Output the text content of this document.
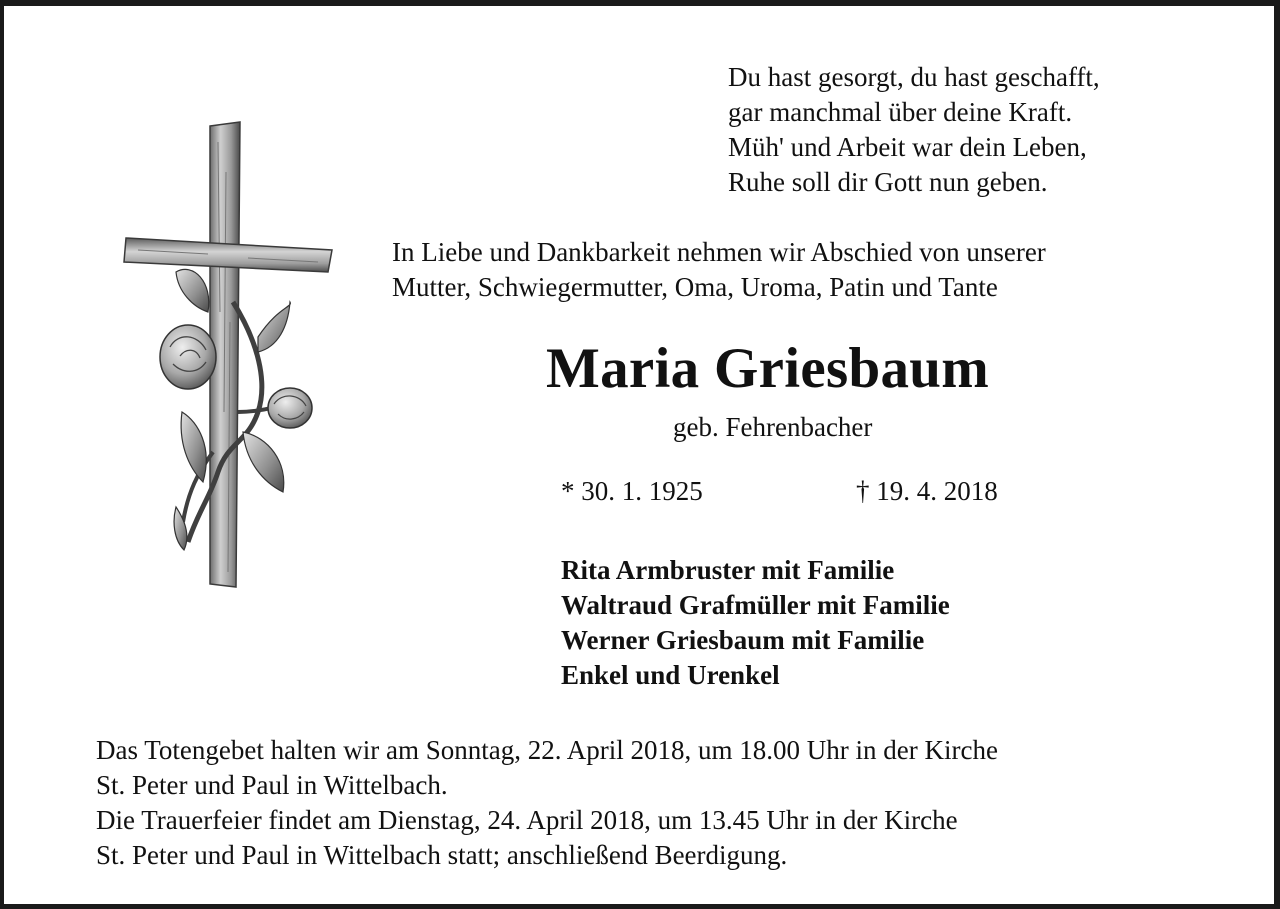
Du hast gesorgt, du hast geschafft,
gar manchmal über deine Kraft.
Müh' und Arbeit war dein Leben,
Ruhe soll dir Gott nun geben.
In Liebe und Dankbarkeit nehmen wir Abschied von unserer
Mutter, Schwiegermutter, Oma, Uroma, Patin und Tante
Maria Griesbaum
geb. Fehrenbacher
* 30. 1. 1925	† 19. 4. 2018
Rita Armbruster mit Familie
Waltraud Grafmüller mit Familie
Werner Griesbaum mit Familie
Enkel und Urenkel
Das Totengebet halten wir am Sonntag, 22. April 2018, um 18.00 Uhr in der Kirche
St. Peter und Paul in Wittelbach.
Die Trauerfeier findet am Dienstag, 24. April 2018, um 13.45 Uhr in der Kirche
St. Peter und Paul in Wittelbach statt; anschließend Beerdigung.
